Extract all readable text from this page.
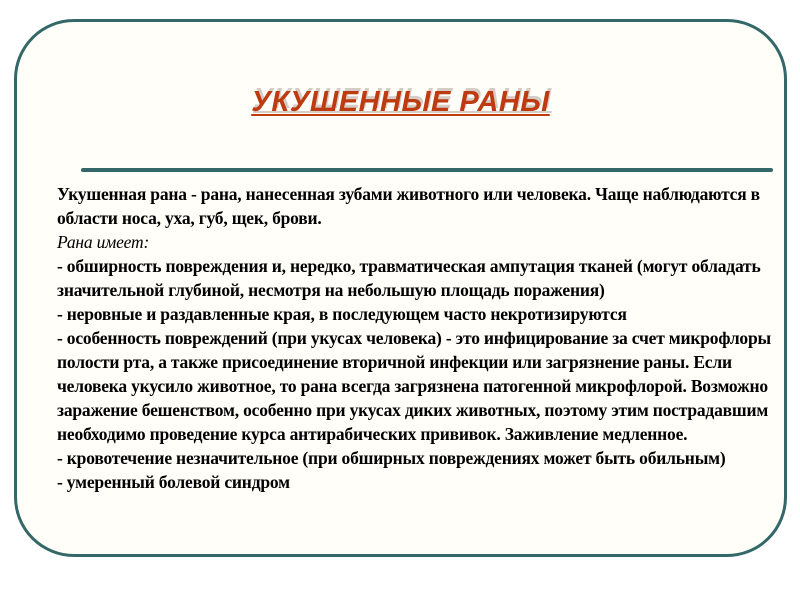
УКУШЕННЫЕ РАНЫ

Укушенная рана - рана, нанесенная зубами животного или человека. Чаще наблюдаются в области носа, уха, губ, щек, брови.

Рана имеет:

- обширность повреждения и, нередко, травматическая ампутация тканей (могут обладать значительной глубиной, несмотря на небольшую площадь поражения)

- неровные и раздавленные края, в последующем часто некротизируются

- особенность повреждений (при укусах человека) - это инфицирование за счет микрофлоры полости рта, а также присоединение вторичной инфекции или загрязнение раны. Если человека укусило животное, то рана всегда загрязнена патогенной микрофлорой. Возможно заражение бешенством, особенно при укусах диких животных, поэтому этим пострадавшим необходимо проведение курса антирабических прививок. Заживление медленное.

- кровотечение незначительное (при обширных повреждениях может быть обильным)

- умеренный болевой синдром
